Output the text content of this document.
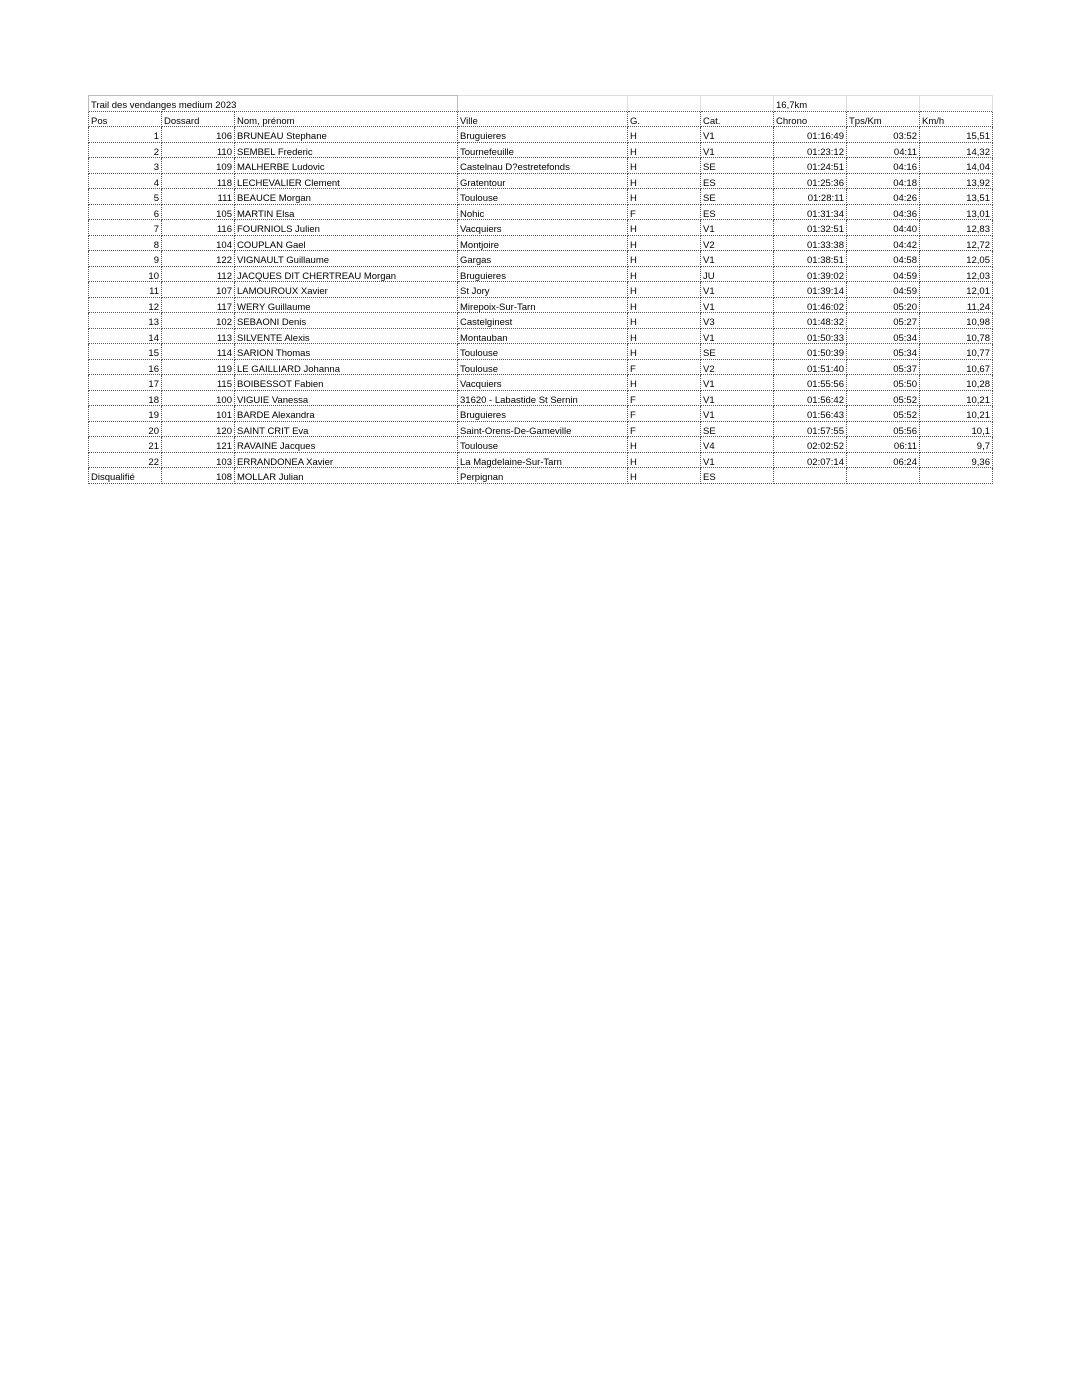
Trail des vendanges medium 2023						16,7km		
Pos	Dossard	Nom, prénom	Ville	G.	Cat.	Chrono	Tps/Km	Km/h
1	106	BRUNEAU Stephane	Bruguieres	H	V1	01:16:49	03:52	15,51
2	110	SEMBEL Frederic	Tournefeuille	H	V1	01:23:12	04:11	14,32
3	109	MALHERBE Ludovic	Castelnau D?estretefonds	H	SE	01:24:51	04:16	14,04
4	118	LECHEVALIER Clement	Gratentour	H	ES	01:25:36	04:18	13,92
5	111	BEAUCE Morgan	Toulouse	H	SE	01:28:11	04:26	13,51
6	105	MARTIN Elsa	Nohic	F	ES	01:31:34	04:36	13,01
7	116	FOURNIOLS Julien	Vacquiers	H	V1	01:32:51	04:40	12,83
8	104	COUPLAN Gael	Montjoire	H	V2	01:33:38	04:42	12,72
9	122	VIGNAULT Guillaume	Gargas	H	V1	01:38:51	04:58	12,05
10	112	JACQUES DIT CHERTREAU Morgan	Bruguieres	H	JU	01:39:02	04:59	12,03
11	107	LAMOUROUX Xavier	St Jory	H	V1	01:39:14	04:59	12,01
12	117	WERY Guillaume	Mirepoix-Sur-Tarn	H	V1	01:46:02	05:20	11,24
13	102	SEBAONI Denis	Castelginest	H	V3	01:48:32	05:27	10,98
14	113	SILVENTE Alexis	Montauban	H	V1	01:50:33	05:34	10,78
15	114	SARION Thomas	Toulouse	H	SE	01:50:39	05:34	10,77
16	119	LE GAILLIARD Johanna	Toulouse	F	V2	01:51:40	05:37	10,67
17	115	BOIBESSOT Fabien	Vacquiers	H	V1	01:55:56	05:50	10,28
18	100	VIGUIE Vanessa	31620 - Labastide St Sernin	F	V1	01:56:42	05:52	10,21
19	101	BARDE Alexandra	Bruguieres	F	V1	01:56:43	05:52	10,21
20	120	SAINT CRIT Eva	Saint-Orens-De-Gameville	F	SE	01:57:55	05:56	10,1
21	121	RAVAINE Jacques	Toulouse	H	V4	02:02:52	06:11	9,7
22	103	ERRANDONEA Xavier	La Magdelaine-Sur-Tarn	H	V1	02:07:14	06:24	9,36
Disqualifié	108	MOLLAR Julian	Perpignan	H	ES			
